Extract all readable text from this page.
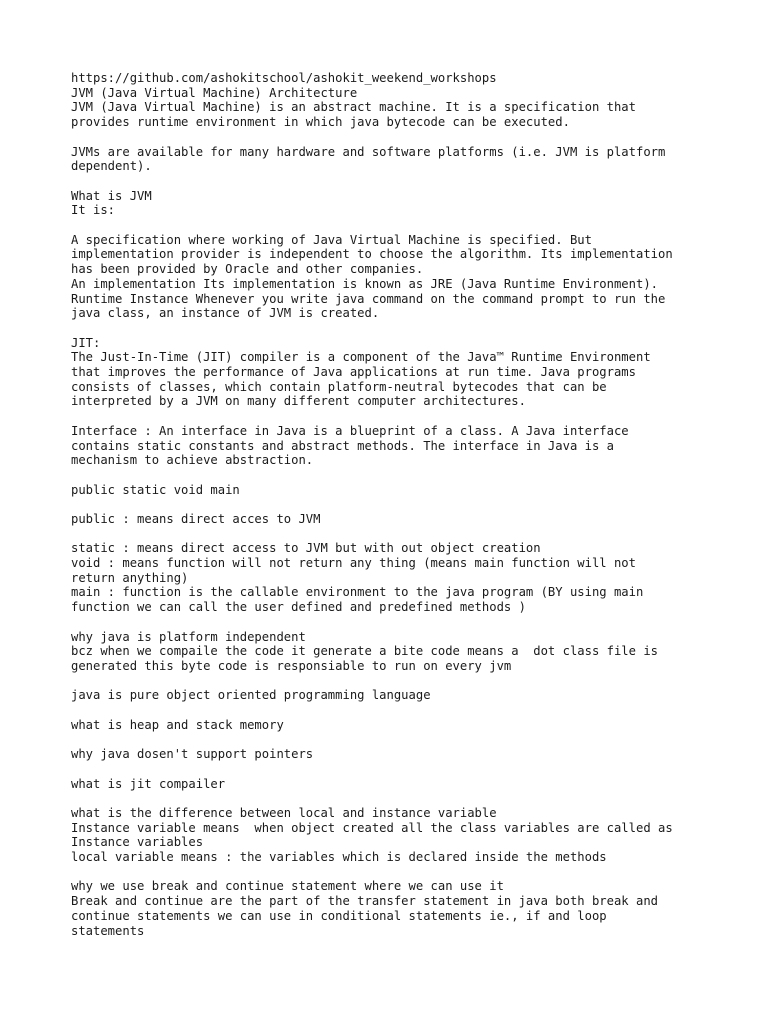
https://github.com/ashokitschool/ashokit_weekend_workshops
JVM (Java Virtual Machine) Architecture
JVM (Java Virtual Machine) is an abstract machine. It is a specification that
provides runtime environment in which java bytecode can be executed.
JVMs are available for many hardware and software platforms (i.e. JVM is platform
dependent).
What is JVM
It is:
A specification where working of Java Virtual Machine is specified. But
implementation provider is independent to choose the algorithm. Its implementation
has been provided by Oracle and other companies.
An implementation Its implementation is known as JRE (Java Runtime Environment).
Runtime Instance Whenever you write java command on the command prompt to run the
java class, an instance of JVM is created.
JIT:
The Just-In-Time (JIT) compiler is a component of the Java™ Runtime Environment
that improves the performance of Java applications at run time. Java programs
consists of classes, which contain platform-neutral bytecodes that can be
interpreted by a JVM on many different computer architectures.
Interface : An interface in Java is a blueprint of a class. A Java interface
contains static constants and abstract methods. The interface in Java is a
mechanism to achieve abstraction.
public static void main
public : means direct acces to JVM
static : means direct access to JVM but with out object creation
void : means function will not return any thing (means main function will not
return anything)
main : function is the callable environment to the java program (BY using main
function we can call the user defined and predefined methods )
why java is platform independent
bcz when we compaile the code it generate a bite code means a  dot class file is
generated this byte code is responsiable to run on every jvm
java is pure object oriented programming language
what is heap and stack memory
why java dosen't support pointers
what is jit compailer
what is the difference between local and instance variable
Instance variable means  when object created all the class variables are called as
Instance variables
local variable means : the variables which is declared inside the methods
why we use break and continue statement where we can use it
Break and continue are the part of the transfer statement in java both break and
continue statements we can use in conditional statements ie., if and loop
statements
